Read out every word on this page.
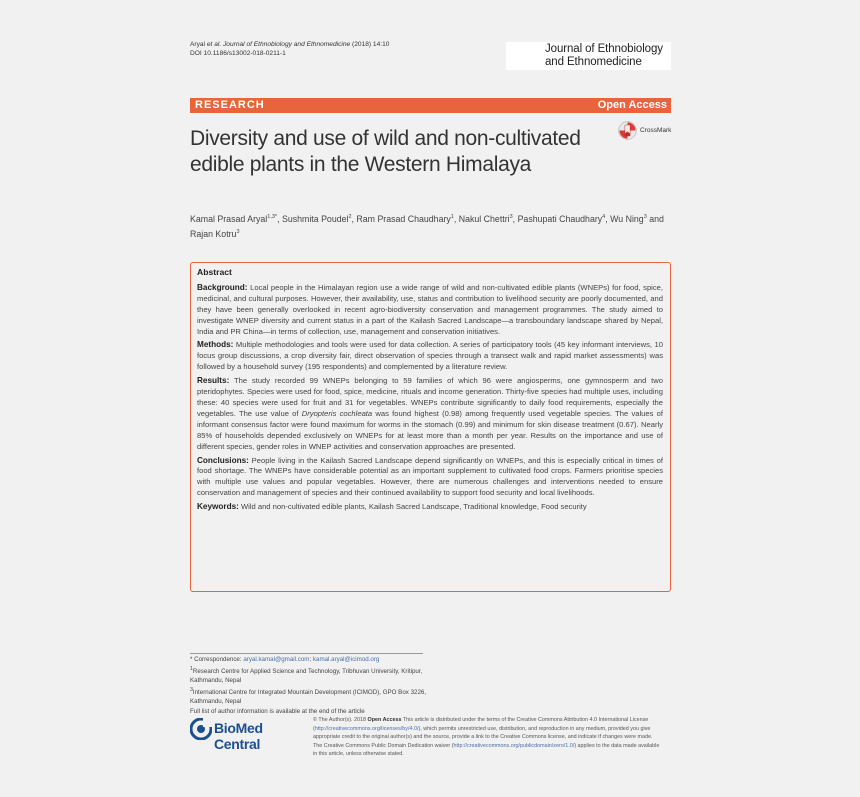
Aryal et al. Journal of Ethnobiology and Ethnomedicine (2018) 14:10
DOI 10.1186/s13002-018-0211-1	Journal of Ethnobiology
and Ethnomedicine
RESEARCH	Open Access
Diversity and use of wild and non-cultivated edible plants in the Western Himalaya
CrossMark
Kamal Prasad Aryal$^{1,3*}$, Sushmita Poudel$^2$, Ram Prasad Chaudhary$^1$, Nakul Chettri$^3$, Pashupati Chaudhary$^4$, Wu Ning$^3$ and Rajan Kotru$^3$
Abstract

Background: Local people in the Himalayan region use a wide range of wild and non-cultivated edible plants (WNEPs) for food, spice, medicinal, and cultural purposes. However, their availability, use, status and contribution to livelihood security are poorly documented, and they have been generally overlooked in recent agro-biodiversity conservation and management programmes. The study aimed to investigate WNEP diversity and current status in a part of the Kailash Sacred Landscape—a transboundary landscape shared by Nepal, India and PR China—in terms of collection, use, management and conservation initiatives.

Methods: Multiple methodologies and tools were used for data collection. A series of participatory tools (45 key informant interviews, 10 focus group discussions, a crop diversity fair, direct observation of species through a transect walk and rapid market assessments) was followed by a household survey (195 respondents) and complemented by a literature review.

Results: The study recorded 99 WNEPs belonging to 59 families of which 96 were angiosperms, one gymnosperm and two pteridophytes. Species were used for food, spice, medicine, rituals and income generation. Thirty-five species had multiple uses, including these: 40 species were used for fruit and 31 for vegetables. WNEPs contribute significantly to daily food requirements, especially the vegetables. The use value of Dryopteris cochleata was found highest (0.98) among frequently used vegetable species. The values of informant consensus factor were found maximum for worms in the stomach (0.99) and minimum for skin disease treatment (0.67). Nearly 85% of households depended exclusively on WNEPs for at least more than a month per year. Results on the importance and use of different species, gender roles in WNEP activities and conservation approaches are presented.

Conclusions: People living in the Kailash Sacred Landscape depend significantly on WNEPs, and this is especially critical in times of food shortage. The WNEPs have considerable potential as an important supplement to cultivated food crops. Farmers prioritise species with multiple use values and popular vegetables. However, there are numerous challenges and interventions needed to ensure conservation and management of species and their continued availability to support food security and local livelihoods.

Keywords: Wild and non-cultivated edible plants, Kailash Sacred Landscape, Traditional knowledge, Food security

* Correspondence: aryal.kamal@gmail.com; kamal.aryal@icimod.org
$^1$Research Centre for Applied Science and Technology, Tribhuvan University, Kritipur, Kathmandu, Nepal
$^3$International Centre for Integrated Mountain Development (ICIMOD), GPO Box 3226, Kathmandu, Nepal
Full list of author information is available at the end of the article
BioMed Central
© The Author(s). 2018 Open Access This article is distributed under the terms of the Creative Commons Attribution 4.0 International License (http://creativecommons.org/licenses/by/4.0/), which permits unrestricted use, distribution, and reproduction in any medium, provided you give appropriate credit to the original author(s) and the source, provide a link to the Creative Commons license, and indicate if changes were made. The Creative Commons Public Domain Dedication waiver (http://creativecommons.org/publicdomain/zero/1.0/) applies to the data made available in this article, unless otherwise stated.
